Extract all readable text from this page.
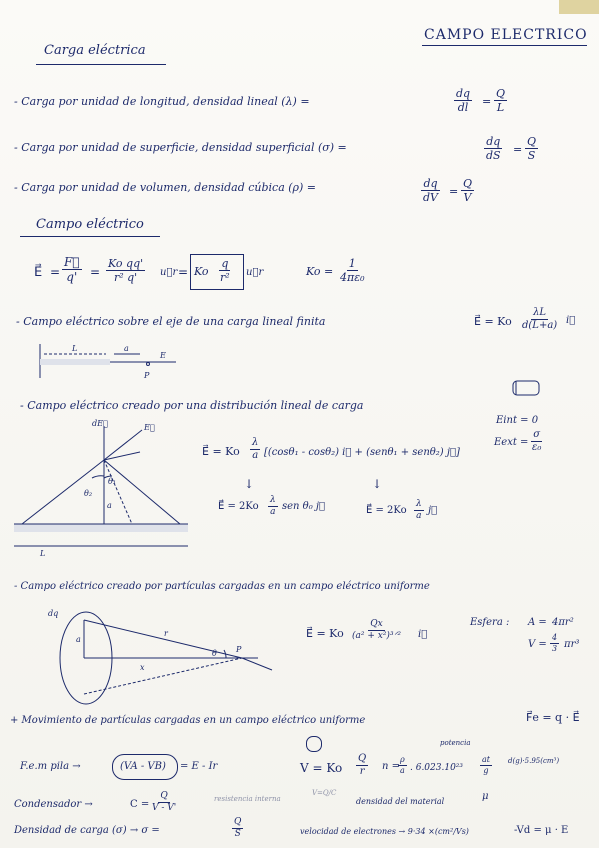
CAMPO ELECTRICO
Carga eléctrica
- Carga por unidad de longitud, densidad lineal (λ) =	$\frac{dq}{dl} = \frac{Q}{L}$
- Carga por unidad de superficie, densidad superficial (σ) =	$\frac{dq}{dS} = \frac{Q}{S}$
- Carga por unidad de volumen, densidad cúbica (ρ) =	$\frac{dq}{dV} = \frac{Q}{V}$
Campo eléctrico
E⃗ = $\frac{F⃗}{q'} = \frac{\text{Ko qq'}}{\text{r² q'}}$ u⃗r = Ko $\frac{q}{\text{r²}}$ u⃗r	$Ko = \frac{1}{\text{4πε₀}}$
- Campo eléctrico sobre el eje de una carga lineal finita	E⃗ = Ko $\frac{\lambda L}{d(L+a)}$ i⃗
L	a
E
P
- Campo eléctrico creado por una distribución lineal de carga
Eint = 0
Eext = $\frac{\sigma}{\text{ε₀}}$
dE⃗	E⃗
θ₁
θ₂
a
L
E⃗ = Ko $\frac{\lambda}{a} [(\cos\theta_1 - \cos\theta_2)$ i⃗ + (senθ₁ + senθ₂) j⃗]
E⃗ = $2Ko \frac{\lambda}{a}$ sen θ₀ j⃗	E⃗ = $2Ko \frac{\lambda}{a}$ j⃗
↓	↓
- Campo eléctrico creado por partículas cargadas en un campo eléctrico uniforme
dq
a
r
x
θ P
E⃗ = Ko
Qx
(a² + x²)³ᐟ² i⃗
Esfera : A = 4πr²
$V = \frac{4}{3} \pi r^3$
+ Movimiento de partículas cargadas en un campo eléctrico uniforme	F⃗e = q · E⃗
F.e.m pila →	(VA - VB) = E - Ir
resistencia interna
V = Ko $\frac{Q}{r}$ n =
$\frac{\rho}{a}$ . $6.023.10^{23} \frac{at}{g}$
potencia
d(g)·5.95(cm³)
densidad del material
Condensador →	$C = \frac{Q}{V - V'}$	V=Q/C	μ
Densidad de carga (σ) → σ =	$\frac{Q}{S}$	velocidad de electrones → 9·34 ×(cm²/Vs)	-Vd = μ · E
